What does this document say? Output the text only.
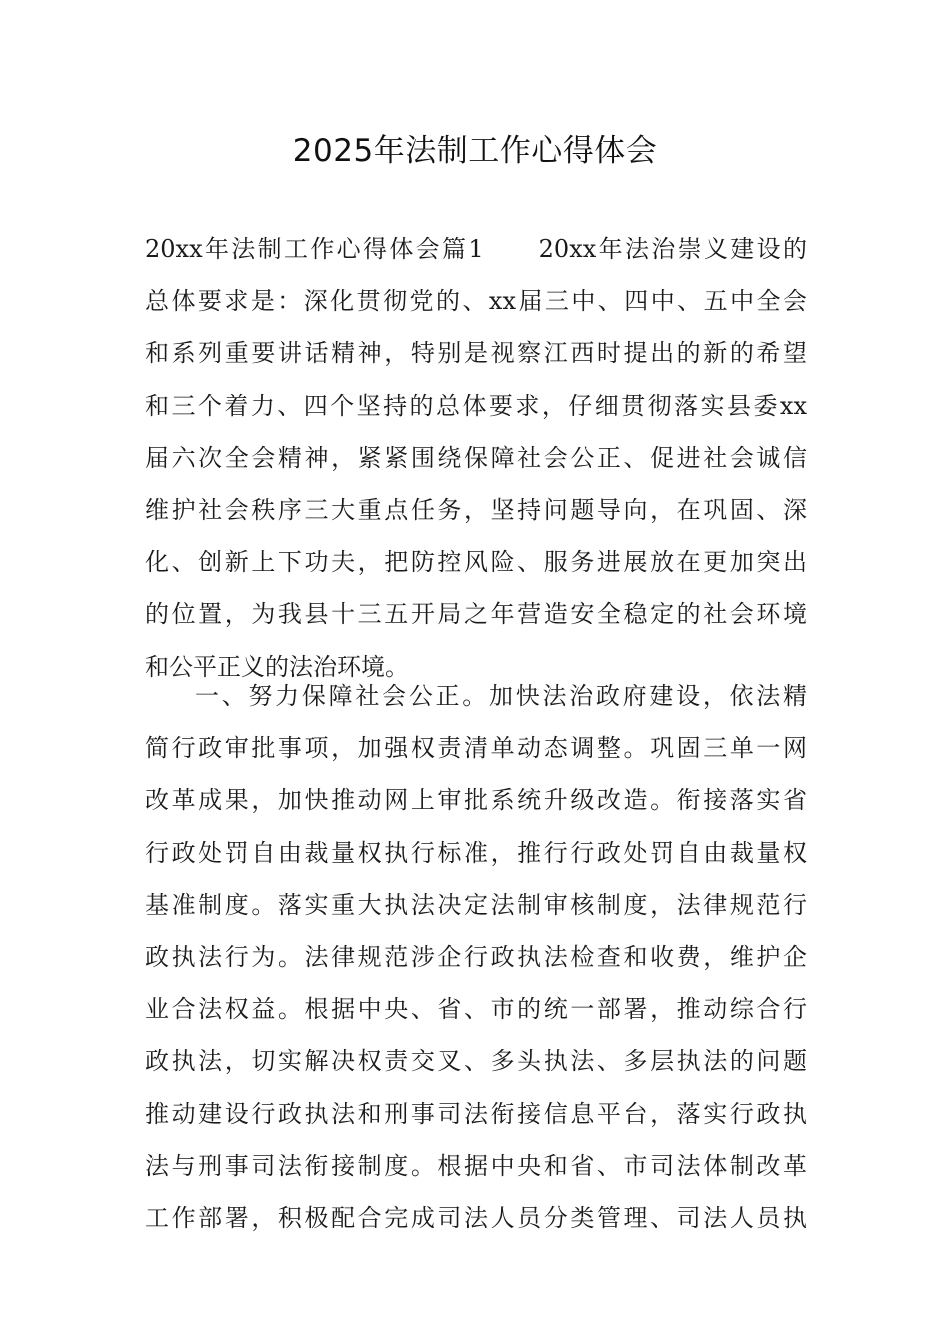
2025年法制工作心得体会
20xx年法制工作心得体会篇1　　20xx年法治崇义建设的
总体要求是：深化贯彻党的、xx届三中、四中、五中全会
和系列重要讲话精神，特别是视察江西时提出的新的希望
和三个着力、四个坚持的总体要求，仔细贯彻落实县委xx
届六次全会精神，紧紧围绕保障社会公正、促进社会诚信
维护社会秩序三大重点任务，坚持问题导向，在巩固、深
化、创新上下功夫，把防控风险、服务进展放在更加突出
的位置，为我县十三五开局之年营造安全稳定的社会环境
和公平正义的法治环境。
一、努力保障社会公正。加快法治政府建设，依法精
简行政审批事项，加强权责清单动态调整。巩固三单一网
改革成果，加快推动网上审批系统升级改造。衔接落实省
行政处罚自由裁量权执行标准，推行行政处罚自由裁量权
基准制度。落实重大执法决定法制审核制度，法律规范行
政执法行为。法律规范涉企行政执法检查和收费，维护企
业合法权益。根据中央、省、市的统一部署，推动综合行
政执法，切实解决权责交叉、多头执法、多层执法的问题
推动建设行政执法和刑事司法衔接信息平台，落实行政执
法与刑事司法衔接制度。根据中央和省、市司法体制改革
工作部署，积极配合完成司法人员分类管理、司法人员执
